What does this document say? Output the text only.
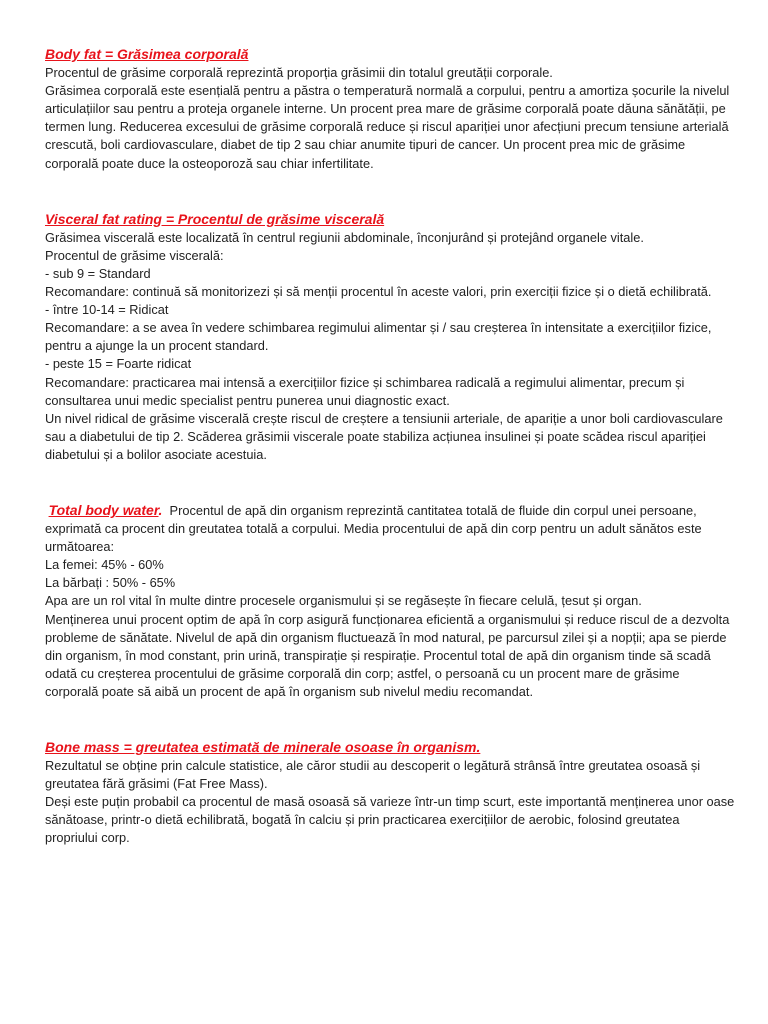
Body fat = Grăsimea corporală

Procentul de grăsime corporală reprezintă proporția grăsimii din totalul greutății corporale.

Grăsimea corporală este esențială pentru a păstra o temperatură normală a corpului, pentru a amortiza șocurile la nivelul articulațiilor sau pentru a proteja organele interne. Un procent prea mare de grăsime corporală poate dăuna sănătății, pe termen lung. Reducerea excesului de grăsime corporală reduce și riscul apariției unor afecțiuni precum tensiune arterială crescută, boli cardiovasculare, diabet de tip 2 sau chiar anumite tipuri de cancer. Un procent prea mic de grăsime corporală poate duce la osteoporoză sau chiar infertilitate.

Visceral fat rating = Procentul de grăsime viscerală

Grăsimea viscerală este localizată în centrul regiunii abdominale, înconjurând și protejând organele vitale.

Procentul de grăsime viscerală:

- sub 9 = Standard

Recomandare: continuă să monitorizezi și să menții procentul în aceste valori, prin exerciții fizice și o dietă echilibrată.

- între 10-14 = Ridicat

Recomandare: a se avea în vedere schimbarea regimului alimentar și / sau creșterea în intensitate a exercițiilor fizice, pentru a ajunge la un procent standard.

- peste 15 = Foarte ridicat

Recomandare: practicarea mai intensă a exercițiilor fizice și schimbarea radicală a regimului alimentar, precum și consultarea unui medic specialist pentru punerea unui diagnostic exact.

Un nivel ridical de grăsime viscerală crește riscul de creștere a tensiunii arteriale, de apariție a unor boli cardiovasculare sau a diabetului de tip 2. Scăderea grăsimii viscerale poate stabiliza acțiunea insulinei și poate scădea riscul apariției diabetului și a bolilor asociate acestuia.

Total body water. Procentul de apă din organism reprezintă cantitatea totală de fluide din corpul unei persoane, exprimată ca procent din greutatea totală a corpului. Media procentului de apă din corp pentru un adult sănătos este următoarea:

La femei: 45% - 60%

La bărbați : 50% - 65%

Apa are un rol vital în multe dintre procesele organismului și se regăsește în fiecare celulă, țesut și organ.

Menținerea unui procent optim de apă în corp asigură funcționarea eficientă a organismului și reduce riscul de a dezvolta probleme de sănătate. Nivelul de apă din organism fluctuează în mod natural, pe parcursul zilei și a nopții; apa se pierde din organism, în mod constant, prin urină, transpirație și respirație. Procentul total de apă din organism tinde să scadă odată cu creșterea procentului de grăsime corporală din corp; astfel, o persoană cu un procent mare de grăsime corporală poate să aibă un procent de apă în organism sub nivelul mediu recomandat.

Bone mass = greutatea estimată de minerale osoase în organism.

Rezultatul se obține prin calcule statistice, ale căror studii au descoperit o legătură strânsă între greutatea osoasă și greutatea fără grăsimi (Fat Free Mass).

Deși este puțin probabil ca procentul de masă osoasă să varieze într-un timp scurt, este importantă menținerea unor oase sănătoase, printr-o dietă echilibrată, bogată în calciu și prin practicarea exercițiilor de aerobic, folosind greutatea propriului corp.
